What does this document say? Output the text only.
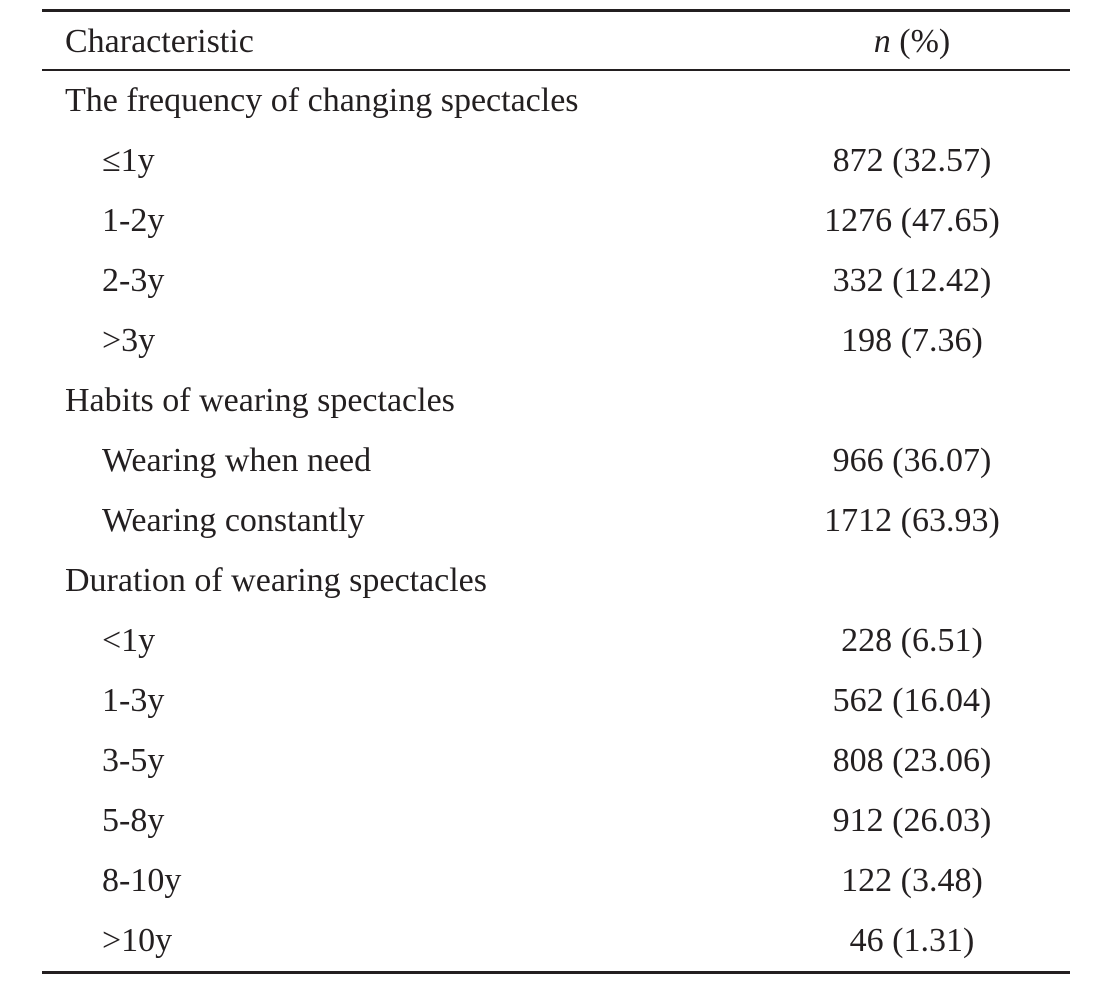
Characteristic	n (%)
The frequency of changing spectacles
≤1y	872 (32.57)
1-2y	1276 (47.65)
2-3y	332 (12.42)
>3y	198 (7.36)
Habits of wearing spectacles
Wearing when need	966 (36.07)
Wearing constantly	1712 (63.93)
Duration of wearing spectacles
<1y	228 (6.51)
1-3y	562 (16.04)
3-5y	808 (23.06)
5-8y	912 (26.03)
8-10y	122 (3.48)
>10y	46 (1.31)
